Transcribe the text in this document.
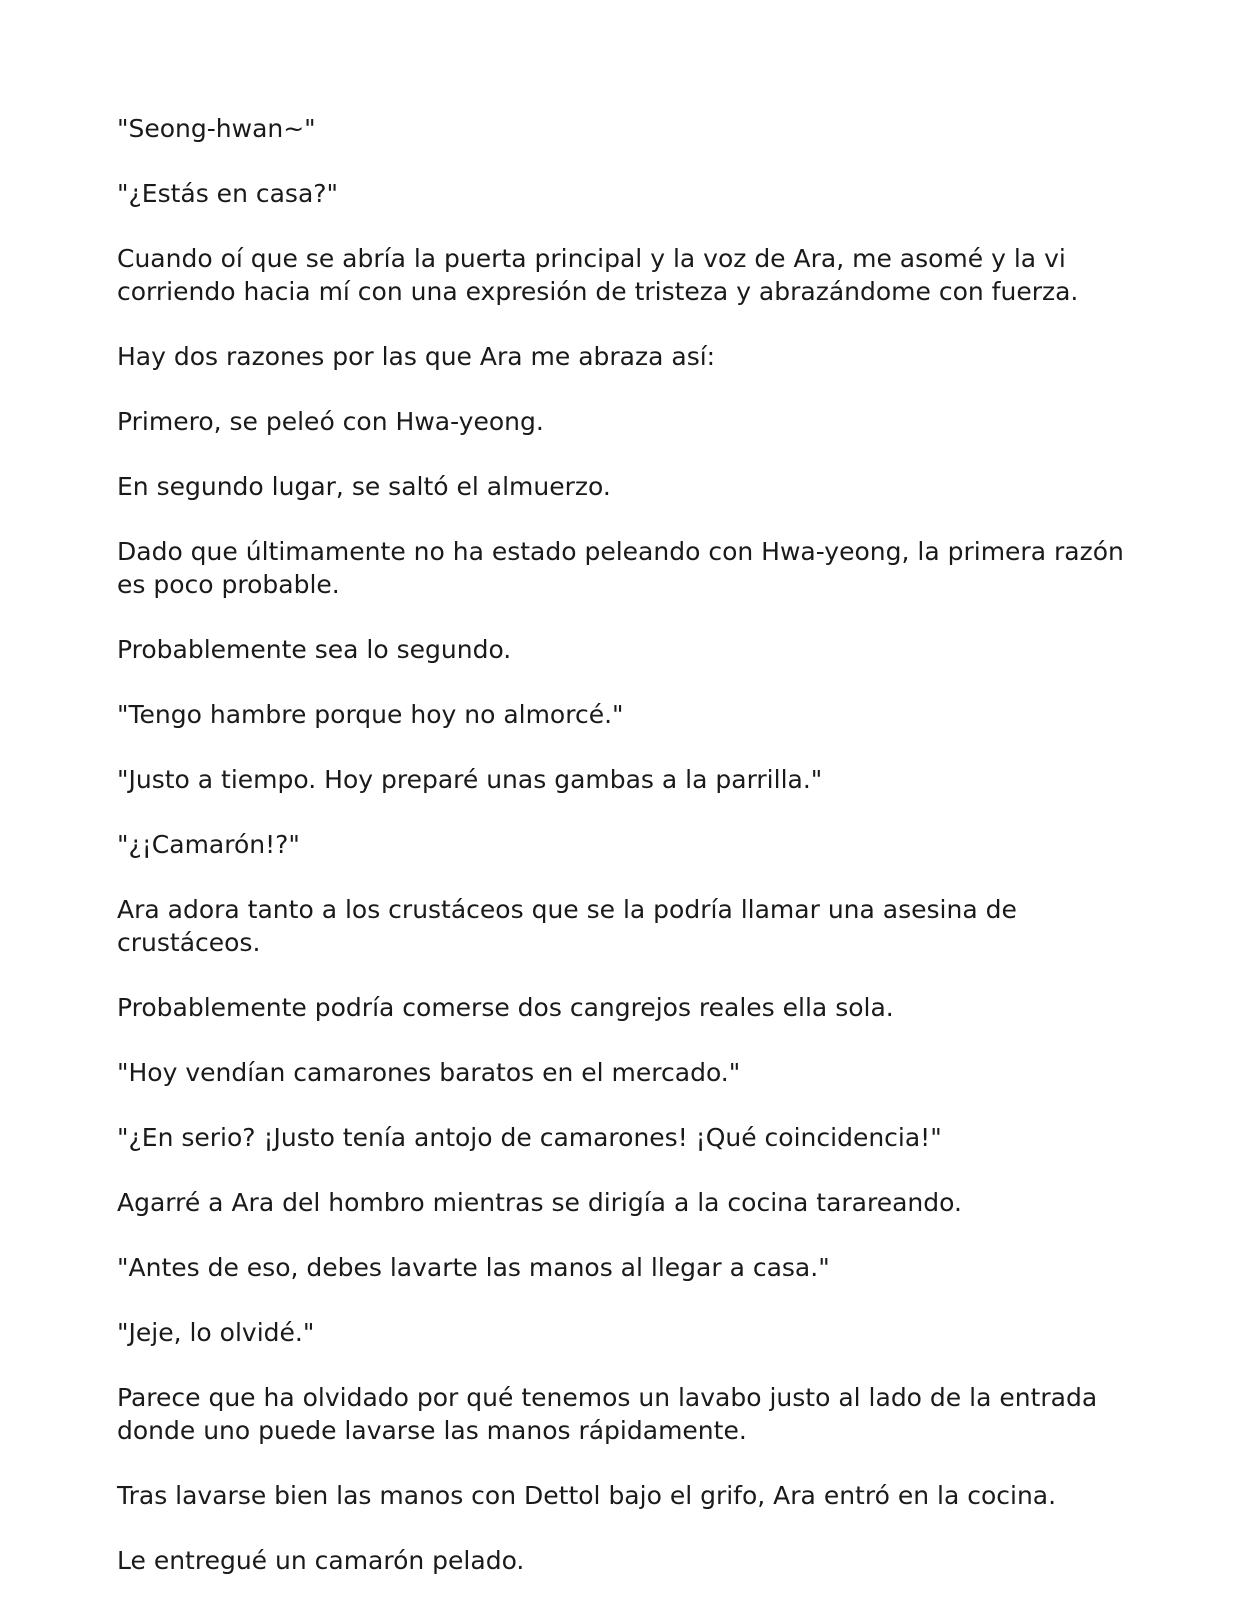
"Seong-hwan~"

"¿Estás en casa?"

Cuando oí que se abría la puerta principal y la voz de Ara, me asomé y la vi corriendo hacia mí con una expresión de tristeza y abrazándome con fuerza.

Hay dos razones por las que Ara me abraza así:

Primero, se peleó con Hwa-yeong.

En segundo lugar, se saltó el almuerzo.

Dado que últimamente no ha estado peleando con Hwa-yeong, la primera razón es poco probable.

Probablemente sea lo segundo.

"Tengo hambre porque hoy no almorcé."

"Justo a tiempo. Hoy preparé unas gambas a la parrilla."

"¿¡Camarón!?"

Ara adora tanto a los crustáceos que se la podría llamar una asesina de crustáceos.

Probablemente podría comerse dos cangrejos reales ella sola.

"Hoy vendían camarones baratos en el mercado."

"¿En serio? ¡Justo tenía antojo de camarones! ¡Qué coincidencia!"

Agarré a Ara del hombro mientras se dirigía a la cocina tarareando.

"Antes de eso, debes lavarte las manos al llegar a casa."

"Jeje, lo olvidé."

Parece que ha olvidado por qué tenemos un lavabo justo al lado de la entrada donde uno puede lavarse las manos rápidamente.

Tras lavarse bien las manos con Dettol bajo el grifo, Ara entró en la cocina.

Le entregué un camarón pelado.
